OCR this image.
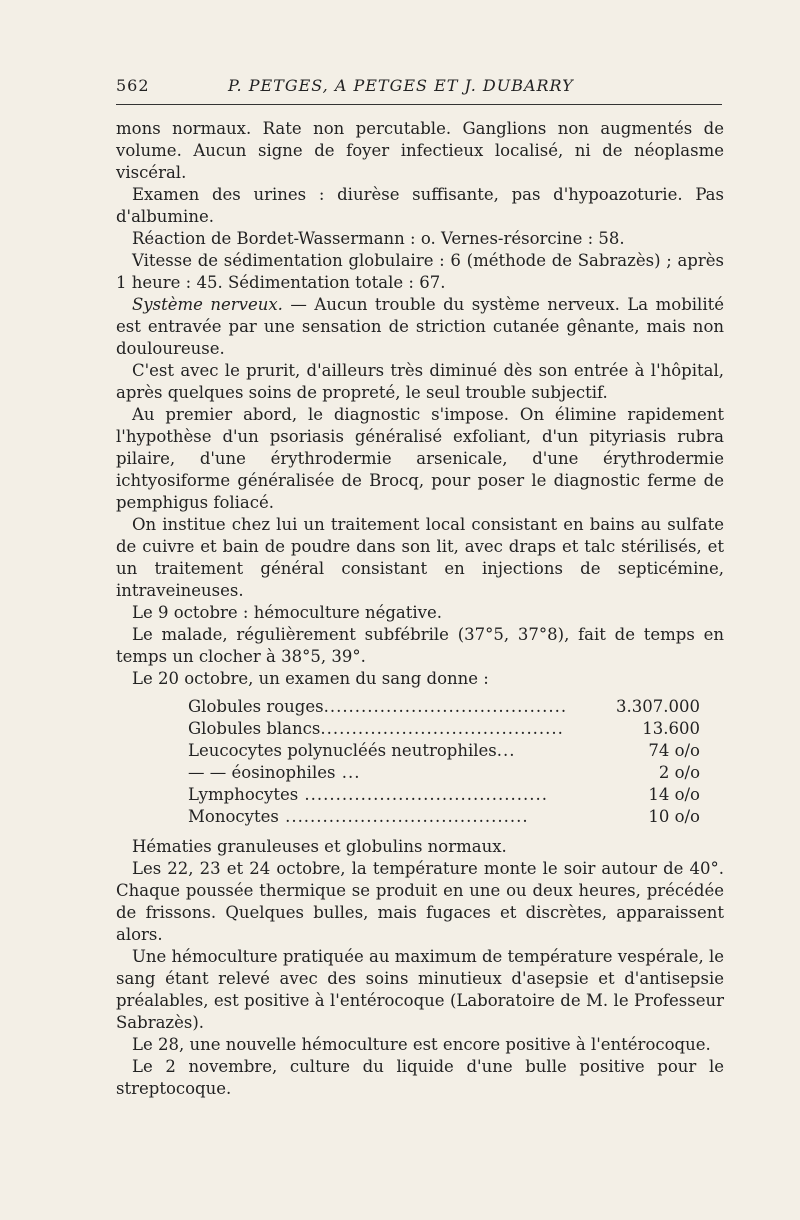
562	P. PETGES, A PETGES ET J. DUBARRY

mons normaux. Rate non percutable. Ganglions non augmentés de volume. Aucun signe de foyer infectieux localisé, ni de néoplasme viscéral.

Examen des urines : diurèse suffisante, pas d'hypoazoturie. Pas d'albumine.

Réaction de Bordet-Wassermann : o. Vernes-résorcine : 58.

Vitesse de sédimentation globulaire : 6 (méthode de Sabrazès) ; après 1 heure : 45. Sédimentation totale : 67.

Système nerveux. — Aucun trouble du système nerveux. La mobilité est entravée par une sensation de striction cutanée gênante, mais non douloureuse.

C'est avec le prurit, d'ailleurs très diminué dès son entrée à l'hôpital, après quelques soins de propreté, le seul trouble subjectif.

Au premier abord, le diagnostic s'impose. On élimine rapidement l'hypothèse d'un psoriasis généralisé exfoliant, d'un pityriasis rubra pilaire, d'une érythrodermie arsenicale, d'une érythrodermie ichtyosiforme généralisée de Brocq, pour poser le diagnostic ferme de pemphigus foliacé.

On institue chez lui un traitement local consistant en bains au sulfate de cuivre et bain de poudre dans son lit, avec draps et talc stérilisés, et un traitement général consistant en injections de septicémine, intraveineuses.

Le 9 octobre : hémoculture négative.

Le malade, régulièrement subfébrile (37°5, 37°8), fait de temps en temps un clocher à 38°5, 39°.

Le 20 octobre, un examen du sang donne :

Globules rouges.......................................	3.307.000
Globules blancs.......................................	13.600
Leucocytes polynucléés neutrophiles...	74 o/o
— — éosinophiles ...	2 o/o
Lymphocytes .......................................	14 o/o
Monocytes .......................................	10 o/o

Hématies granuleuses et globulins normaux.

Les 22, 23 et 24 octobre, la température monte le soir autour de 40°. Chaque poussée thermique se produit en une ou deux heures, précédée de frissons. Quelques bulles, mais fugaces et discrètes, apparaissent alors.

Une hémoculture pratiquée au maximum de température vespérale, le sang étant relevé avec des soins minutieux d'asepsie et d'antisepsie préalables, est positive à l'entérocoque (Laboratoire de M. le Professeur Sabrazès).

Le 28, une nouvelle hémoculture est encore positive à l'entérocoque.

Le 2 novembre, culture du liquide d'une bulle positive pour le streptocoque.
